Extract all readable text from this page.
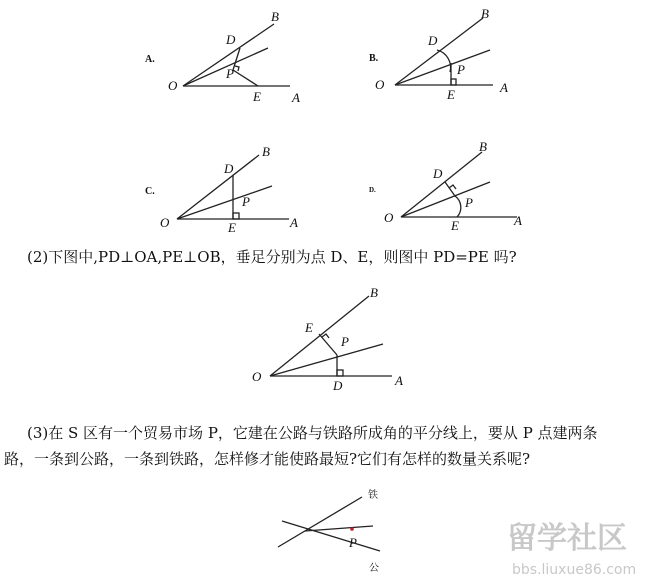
A.	B.
C.	D.
O
A
B
D
E
P
O	A
B
D
E
P
O	A
B
D
E
P
O	A
B
D
E
P
O	A
B
D
E
P
铁
公
P	留学社区
bbs.liuxue86.com
(2)下图中,PD⊥OA,PE⊥OB，垂足分别为点 D、E，则图中 PD=PE 吗?
(3)在 S 区有一个贸易市场 P，它建在公路与铁路所成角的平分线上，要从 P 点建两条
路，一条到公路，一条到铁路，怎样修才能使路最短?它们有怎样的数量关系呢?
